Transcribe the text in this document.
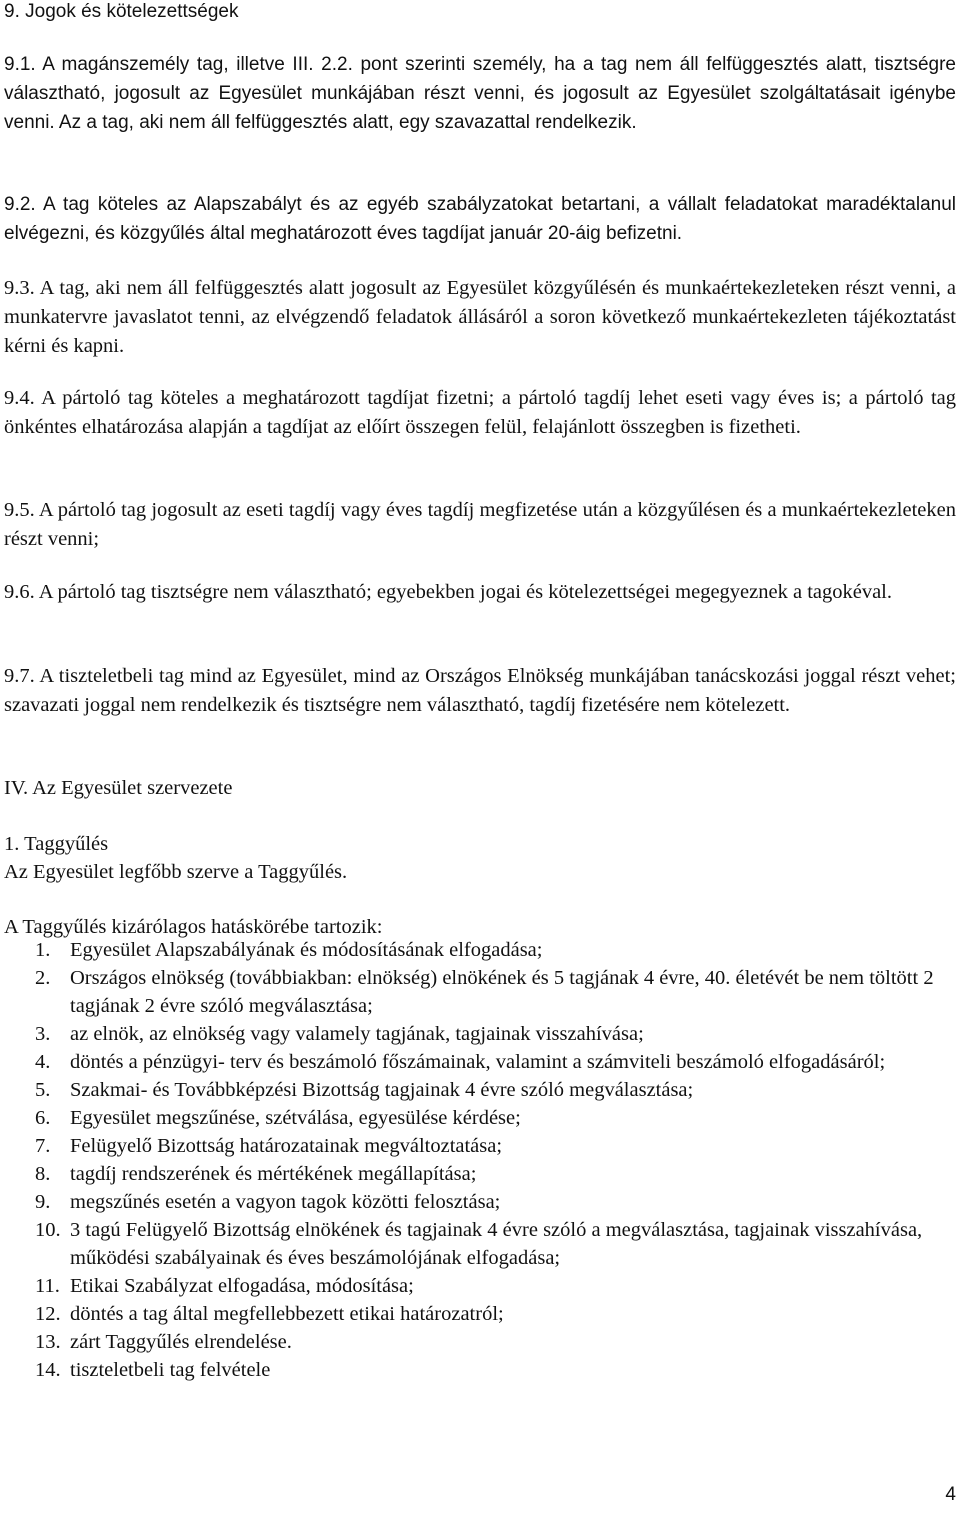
9. Jogok és kötelezettségek

9.1. A magánszemély tag, illetve III. 2.2. pont szerinti személy, ha a tag nem áll felfüggesztés alatt, tisztségre választható, jogosult az Egyesület munkájában részt venni, és jogosult az Egyesület szolgáltatásait igénybe venni. Az a tag, aki nem áll felfüggesztés alatt, egy szavazattal rendelkezik.

9.2. A tag köteles az Alapszabályt és az egyéb szabályzatokat betartani, a vállalt feladatokat maradéktalanul elvégezni, és közgyűlés által meghatározott éves tagdíjat január 20-áig befizetni.

9.3. A tag, aki nem áll felfüggesztés alatt jogosult az Egyesület közgyűlésén és munkaértekezleteken részt venni, a munkatervre javaslatot tenni, az elvégzendő feladatok állásáról a soron következő munkaértekezleten tájékoztatást kérni és kapni.

9.4. A pártoló tag köteles a meghatározott tagdíjat fizetni; a pártoló tagdíj lehet eseti vagy éves is; a pártoló tag önkéntes elhatározása alapján a tagdíjat az előírt összegen felül, felajánlott összegben is fizetheti.

9.5. A pártoló tag jogosult az eseti tagdíj vagy éves tagdíj megfizetése után a közgyűlésen és a munkaértekezleteken részt venni;

9.6. A pártoló tag tisztségre nem választható; egyebekben jogai és kötelezettségei megegyeznek a tagokéval.

9.7. A tiszteletbeli tag mind az Egyesület, mind az Országos Elnökség munkájában tanácskozási joggal részt vehet; szavazati joggal nem rendelkezik és tisztségre nem választható, tagdíj fizetésére nem kötelezett.

IV. Az Egyesület szervezete

1. Taggyűlés

Az Egyesület legfőbb szerve a Taggyűlés.

A Taggyűlés kizárólagos hatáskörébe tartozik:

1. Egyesület Alapszabályának és módosításának elfogadása;
2. Országos elnökség (továbbiakban: elnökség) elnökének és 5 tagjának 4 évre, 40. életévét be nem töltött 2 tagjának 2 évre szóló megválasztása;
3. az elnök, az elnökség vagy valamely tagjának, tagjainak visszahívása;
4. döntés a pénzügyi- terv és beszámoló főszámainak, valamint a számviteli beszámoló elfogadásáról;
5. Szakmai- és Továbbképzési Bizottság tagjainak 4 évre szóló megválasztása;
6. Egyesület megszűnése, szétválása, egyesülése kérdése;
7. Felügyelő Bizottság határozatainak megváltoztatása;
8. tagdíj rendszerének és mértékének megállapítása;
9. megszűnés esetén a vagyon tagok közötti felosztása;
10. 3 tagú Felügyelő Bizottság elnökének és tagjainak 4 évre szóló a megválasztása, tagjainak visszahívása, működési szabályainak és éves beszámolójának elfogadása;
11. Etikai Szabályzat elfogadása, módosítása;
12. döntés a tag által megfellebbezett etikai határozatról;
13. zárt Taggyűlés elrendelése.
14. tiszteletbeli tag felvétele
4
